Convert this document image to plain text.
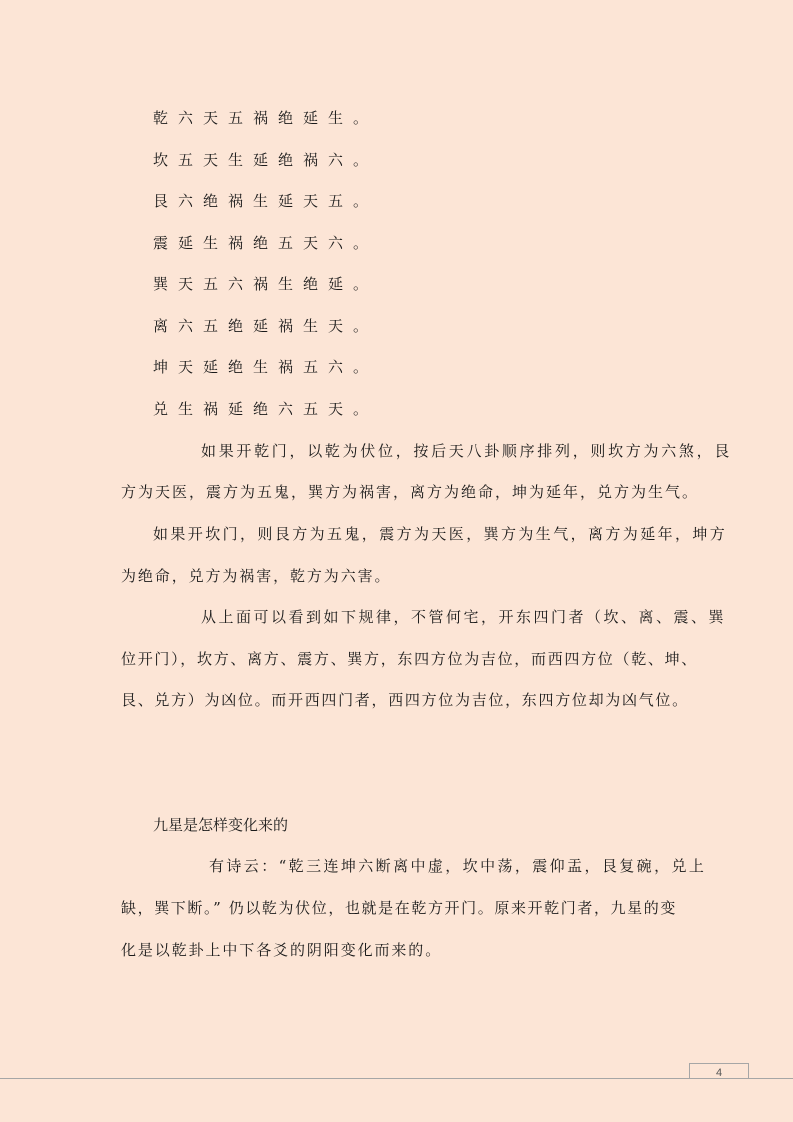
乾六天五祸绝延生。
坎五天生延绝祸六。
艮六绝祸生延天五。
震延生祸绝五天六。
巽天五六祸生绝延。
离六五绝延祸生天。
坤天延绝生祸五六。
兑生祸延绝六五天。
如果开乾门，以乾为伏位，按后天八卦顺序排列，则坎方为六煞，艮
方为天医，震方为五鬼，巽方为祸害，离方为绝命，坤为延年，兑方为生气。
如果开坎门，则艮方为五鬼，震方为天医，巽方为生气，离方为延年，坤方
为绝命，兑方为祸害，乾方为六害。
从上面可以看到如下规律，不管何宅，开东四门者（坎、离、震、巽
位开门），坎方、离方、震方、巽方，东四方位为吉位，而西四方位（乾、坤、
艮、兑方）为凶位。而开西四门者，西四方位为吉位，东四方位却为凶气位。
九星是怎样变化来的
有诗云：“乾三连坤六断离中虚，坎中荡，震仰盂，艮复碗，兑上
缺，巽下断。” 仍以乾为伏位，也就是在乾方开门。原来开乾门者，九星的变
化是以乾卦上中下各爻的阴阳变化而来的。
4
